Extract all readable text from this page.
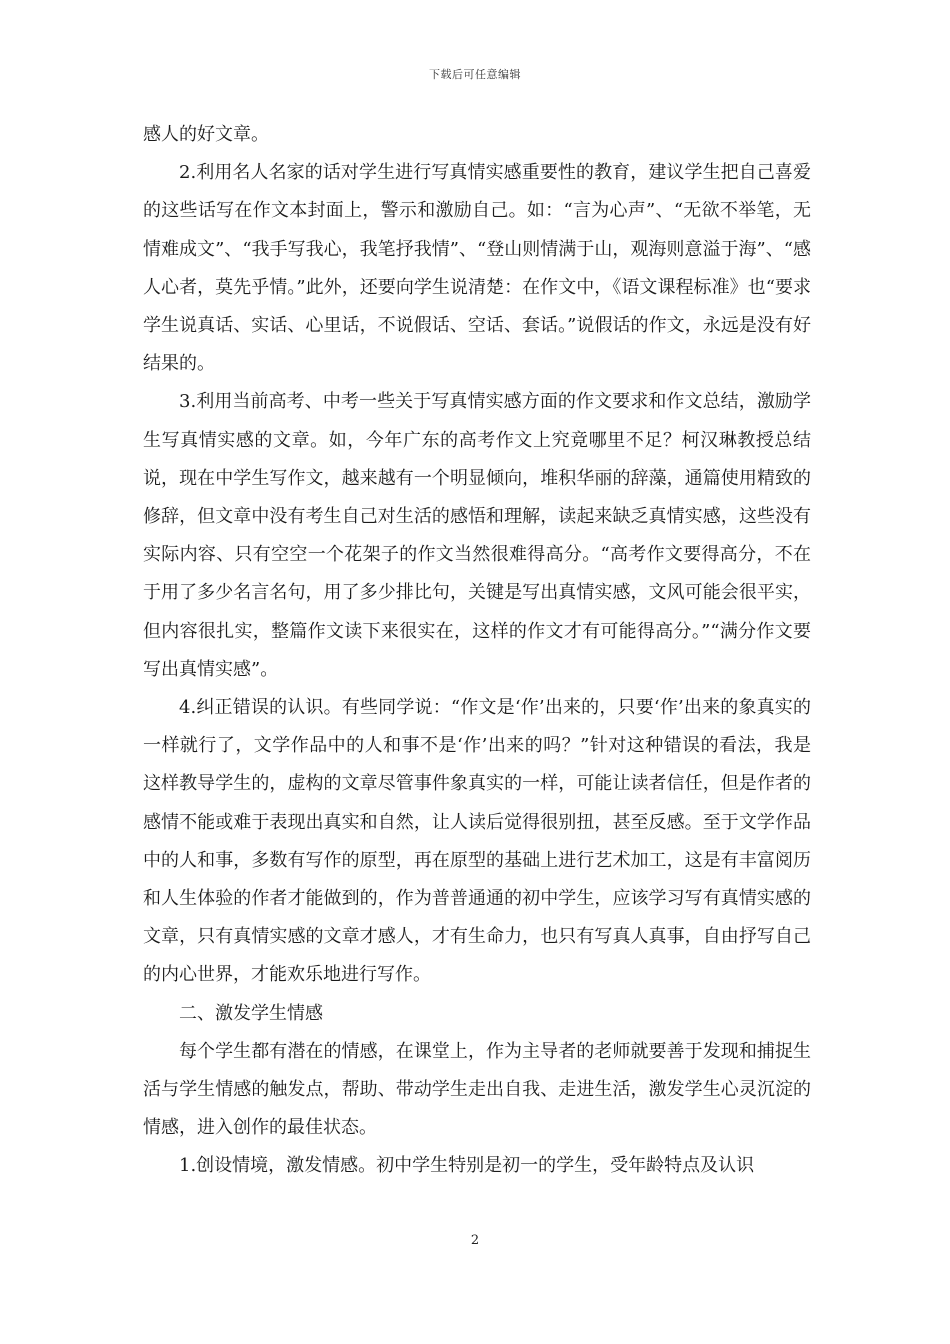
下载后可任意编辑

感人的好文章。

2.利用名人名家的话对学生进行写真情实感重要性的教育，建议学生把自己喜爱的这些话写在作文本封面上，警示和激励自己。如：“言为心声”、“无欲不举笔，无情难成文”、“我手写我心，我笔抒我情”、“登山则情满于山，观海则意溢于海”、“感人心者，莫先乎情。”此外，还要向学生说清楚：在作文中，《语文课程标准》也“要求学生说真话、实话、心里话，不说假话、空话、套话。”说假话的作文，永远是没有好结果的。

3.利用当前高考、中考一些关于写真情实感方面的作文要求和作文总结，激励学生写真情实感的文章。如，今年广东的高考作文上究竟哪里不足？柯汉琳教授总结说，现在中学生写作文，越来越有一个明显倾向，堆积华丽的辞藻，通篇使用精致的修辞，但文章中没有考生自己对生活的感悟和理解，读起来缺乏真情实感，这些没有实际内容、只有空空一个花架子的作文当然很难得高分。“高考作文要得高分，不在于用了多少名言名句，用了多少排比句，关键是写出真情实感，文风可能会很平实，但内容很扎实，整篇作文读下来很实在，这样的作文才有可能得高分。”“满分作文要写出真情实感”。

4.纠正错误的认识。有些同学说：“作文是‘作’出来的，只要‘作’出来的象真实的一样就行了，文学作品中的人和事不是‘作’出来的吗？”针对这种错误的看法，我是这样教导学生的，虚构的文章尽管事件象真实的一样，可能让读者信任，但是作者的感情不能或难于表现出真实和自然，让人读后觉得很别扭，甚至反感。至于文学作品中的人和事，多数有写作的原型，再在原型的基础上进行艺术加工，这是有丰富阅历和人生体验的作者才能做到的，作为普普通通的初中学生，应该学习写有真情实感的文章，只有真情实感的文章才感人，才有生命力，也只有写真人真事，自由抒写自己的内心世界，才能欢乐地进行写作。

二、激发学生情感

每个学生都有潜在的情感，在课堂上，作为主导者的老师就要善于发现和捕捉生活与学生情感的触发点，帮助、带动学生走出自我、走进生活，激发学生心灵沉淀的情感，进入创作的最佳状态。

1.创设情境，激发情感。初中学生特别是初一的学生，受年龄特点及认识

2
